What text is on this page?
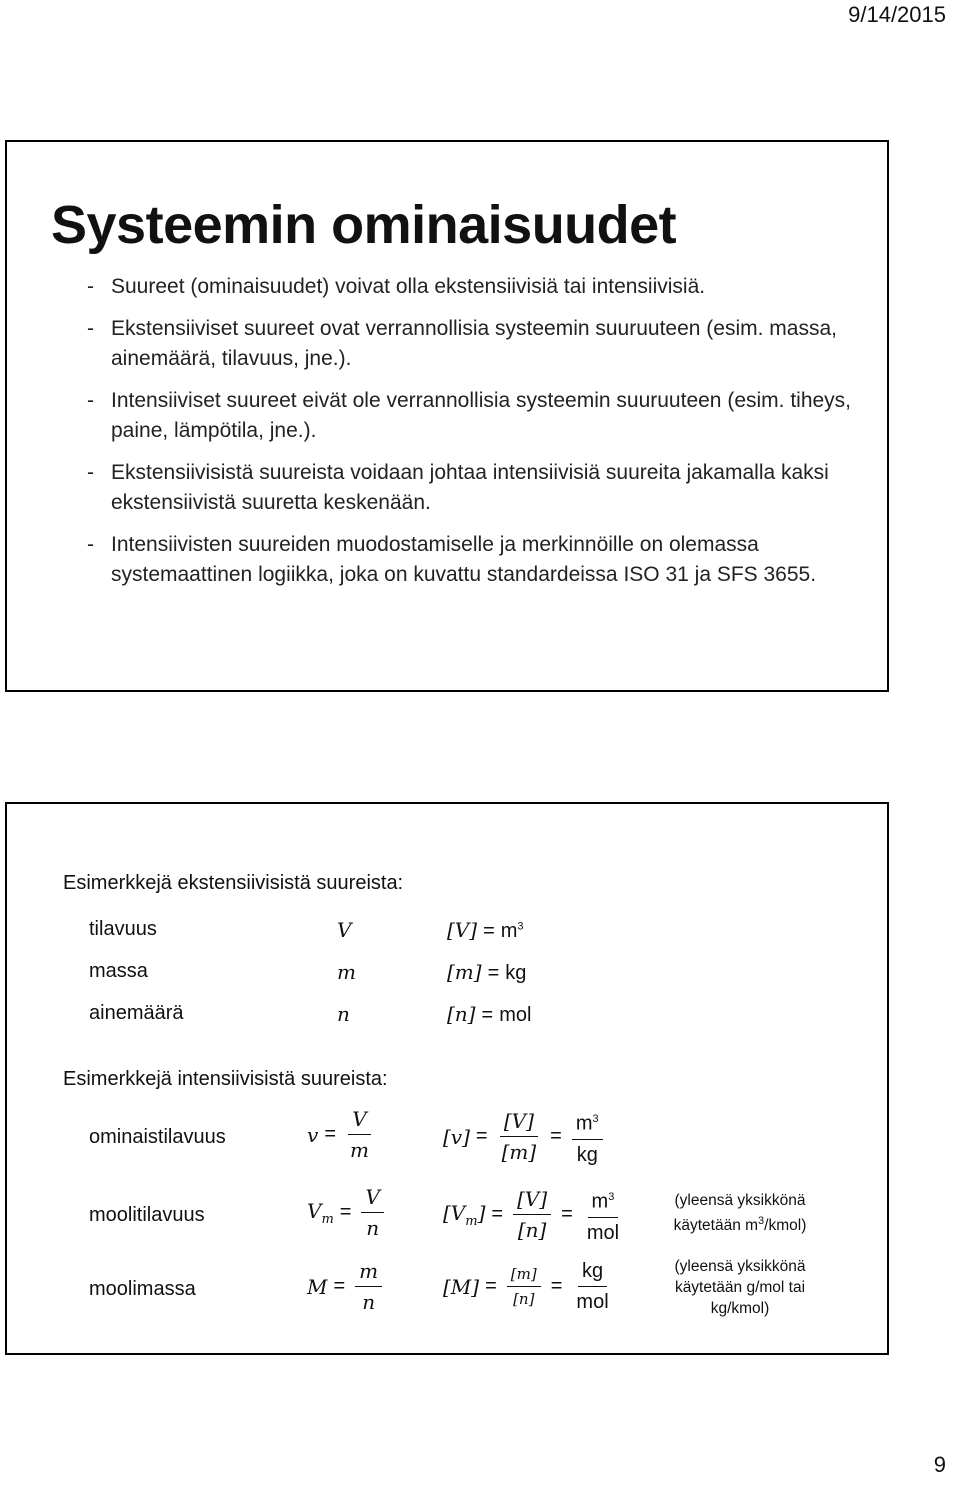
9/14/2015
Systeemin ominaisuudet
- Suureet (ominaisuudet) voivat olla ekstensiivisiä tai intensiivisiä.
- Ekstensiiviset suureet ovat verrannollisia systeemin suuruuteen (esim. massa, ainemäärä, tilavuus, jne.).
- Intensiiviset suureet eivät ole verrannollisia systeemin suuruuteen (esim. tiheys, paine, lämpötila, jne.).
- Ekstensiivisistä suureista voidaan johtaa intensiivisiä suureita jakamalla kaksi ekstensiivistä suuretta keskenään.
- Intensiivisten suureiden muodostamiselle ja merkinnöille on olemassa systemaattinen logiikka, joka on kuvattu standardeissa ISO 31 ja SFS 3655.
Esimerkkejä ekstensiivisistä suureista:
tilavuus	V	$[V] = m^3$
massa	m	[m] = kg
ainemäärä	n	[n] = mol
Esimerkkejä intensiivisistä suureista:
ominaistilavuus	$v = \frac{V}{m}$	$[v] = \frac{[V]}{[m]} = \frac{m^3}{kg}$
moolitilavuus	$V_m = \frac{V}{n}$	$[V_m] = \frac{[V]}{[n]} = \frac{m^3}{\text{mol}}$	(yleensä yksikkönä käytetään $m^3/kmol$)
moolimassa	$M = \frac{m}{n}$	$[M] = \frac{[m]}{[n]} = \frac{kg}{\text{mol}}$	(yleensä yksikkönä käytetään g/mol tai kg/kmol)
9
